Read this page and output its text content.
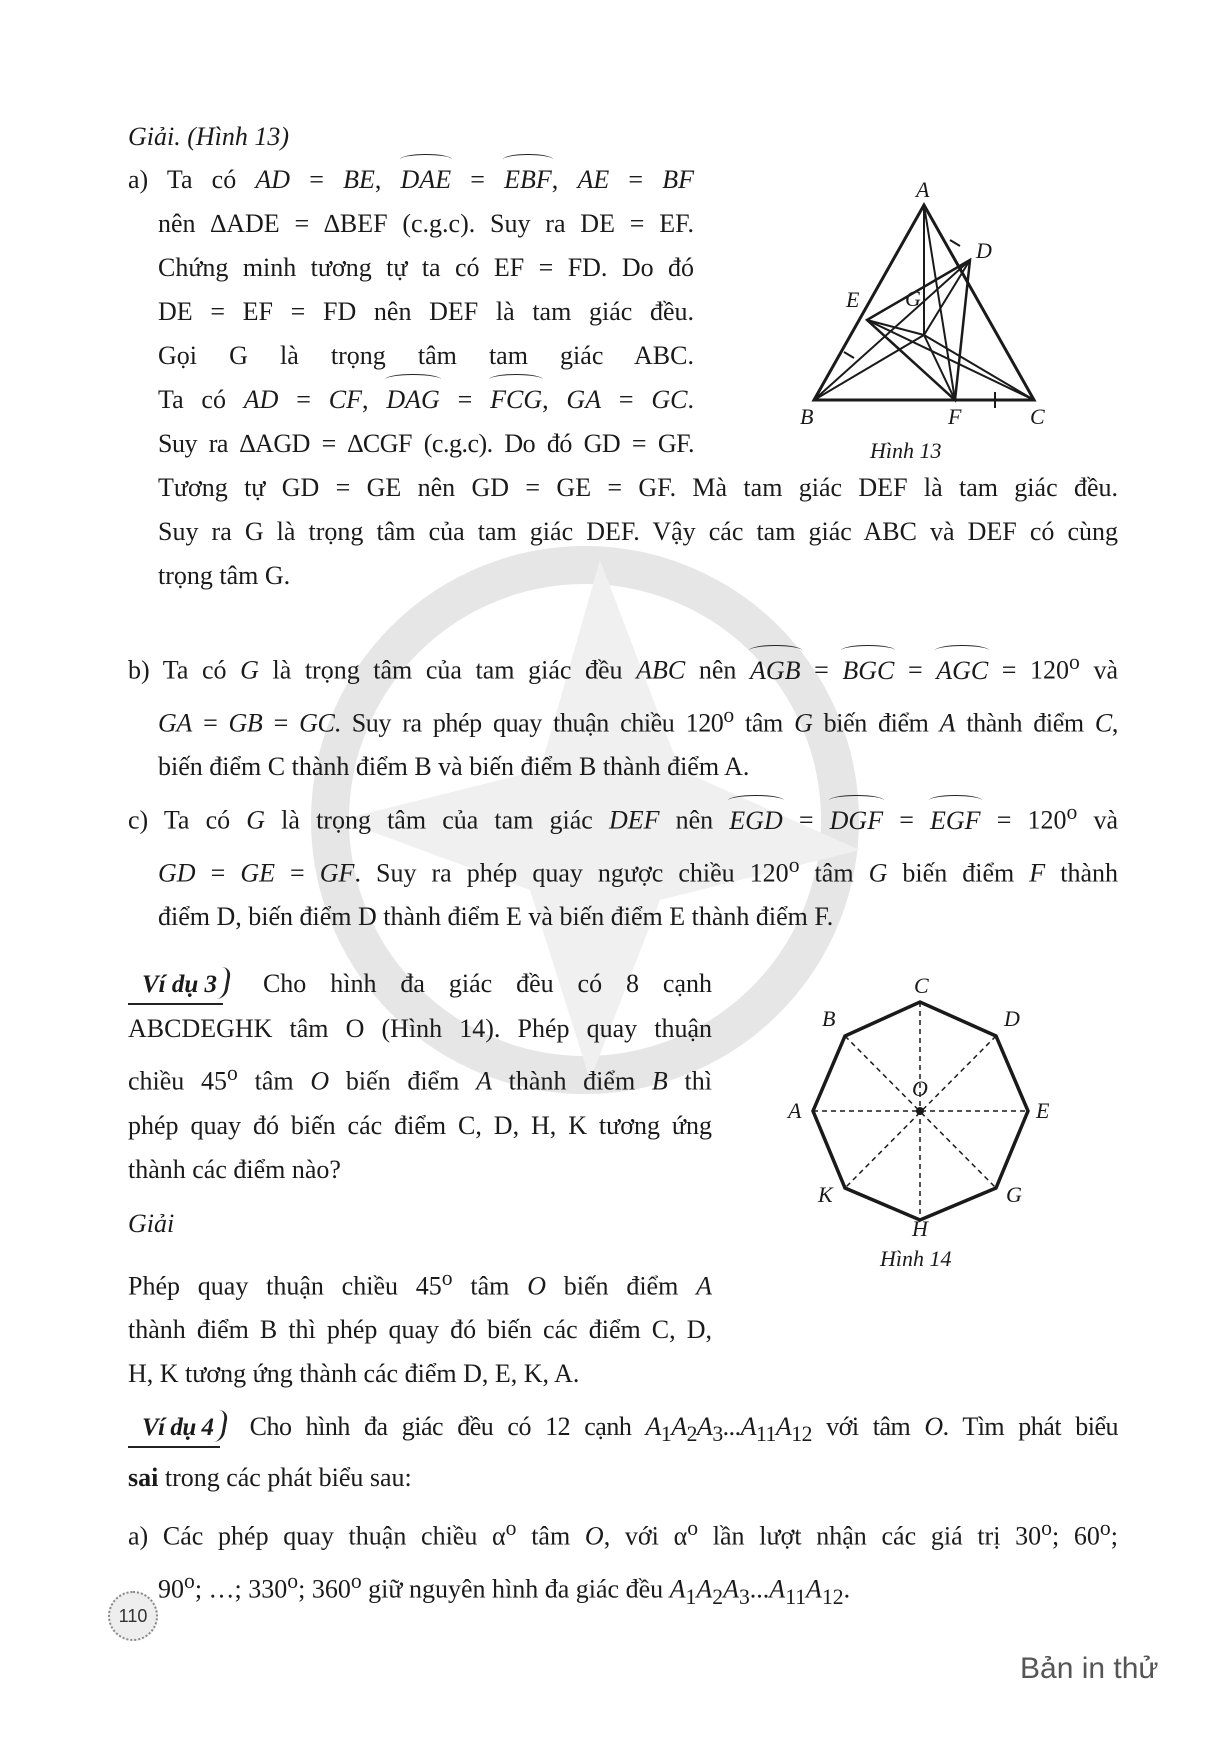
Giải. (Hình 13)

a) Ta có AD = BE, DAE = EBF, AE = BF

nên ∆ADE = ∆BEF (c.g.c). Suy ra DE = EF.

Chứng minh tương tự ta có EF = FD. Do đó

DE = EF = FD nên DEF là tam giác đều.

Gọi G là trọng tâm tam giác ABC.

Ta có AD = CF, DAG = FCG, GA = GC.

Suy ra ∆AGD = ∆CGF (c.g.c). Do đó GD = GF.

Tương tự GD = GE nên GD = GE = GF. Mà tam giác DEF là tam giác đều.

Suy ra G là trọng tâm của tam giác DEF. Vậy các tam giác ABC và DEF có cùng

trọng tâm G.

A
D
E G
B	F	C
Hình 13

b) Ta có G là trọng tâm của tam giác đều ABC nên AGB = BGC = AGC = $120^o$ và

GA = GB = GC. Suy ra phép quay thuận chiều 120$^o$ tâm G biến điểm A thành điểm C,

biến điểm C thành điểm B và biến điểm B thành điểm A.

c) Ta có G là trọng tâm của tam giác DEF nên EGD = DGF = EGF = $120^o$ và

GD = GE = GF. Suy ra phép quay ngược chiều 120$^o$ tâm G biến điểm F thành

điểm D, biến điểm D thành điểm E và biến điểm E thành điểm F.

Ví dụ 3 Cho hình đa giác đều có 8 cạnh

ABCDEGHK tâm O (Hình 14). Phép quay thuận

chiều 45$^o$ tâm O biến điểm A thành điểm B thì

phép quay đó biến các điểm C, D, H, K tương ứng

thành các điểm nào?

Giải

Phép quay thuận chiều 45$^o$ tâm O biến điểm A

thành điểm B thì phép quay đó biến các điểm C, D,

H, K tương ứng thành các điểm D, E, K, A.

C
B	D
O
A	E
K	G
H
Hình 14

Ví dụ 4 Cho hình đa giác đều có 12 cạnh $A_1A_2A_3...A_{11}A_{12}$ với tâm O. Tìm phát biểu

sai trong các phát biểu sau:

a) Các phép quay thuận chiều $\alpha^o$ tâm O, với $\alpha^o$ lần lượt nhận các giá trị 30$^o$; 60$^o$;

90$^o$; …; 330$^o$; 360$^o$ giữ nguyên hình đa giác đều $A_1A_2A_3...A_{11}A_{12}$.

110
Bản in thử
